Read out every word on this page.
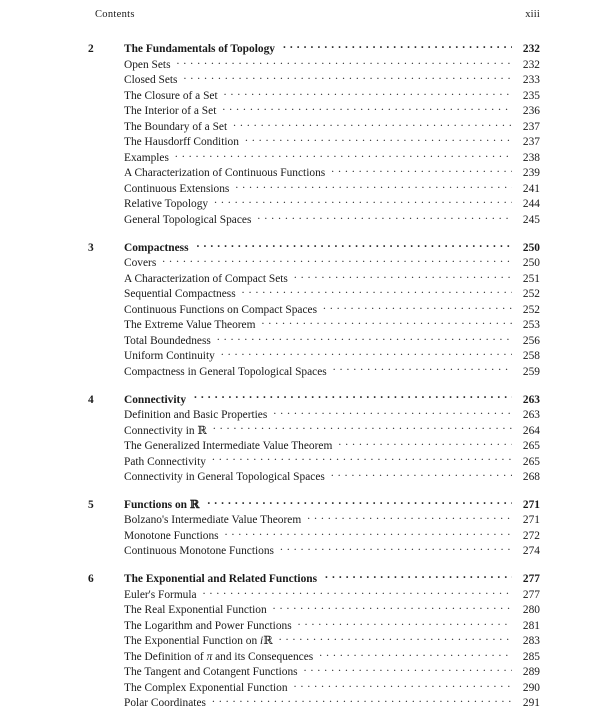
Contents	xiii
2	The Fundamentals of Topology . . .	232
Open Sets . . .	232
Closed Sets . . .	233
The Closure of a Set . . .	235
The Interior of a Set . . .	236
The Boundary of a Set . . .	237
The Hausdorff Condition . . .	237
Examples . . .	238
A Characterization of Continuous Functions . . .	239
Continuous Extensions . . .	241
Relative Topology . . .	244
General Topological Spaces . . .	245
3	Compactness . . .	250
Covers . . .	250
A Characterization of Compact Sets . . .	251
Sequential Compactness . . .	252
Continuous Functions on Compact Spaces . . .	252
The Extreme Value Theorem . . .	253
Total Boundedness . . .	256
Uniform Continuity . . .	258
Compactness in General Topological Spaces . . .	259
4	Connectivity . . .	263
Definition and Basic Properties . . .	263
Connectivity in ℝ . . .	264
The Generalized Intermediate Value Theorem . . .	265
Path Connectivity . . .	265
Connectivity in General Topological Spaces . . .	268
5	Functions on ℝ . . .	271
Bolzano's Intermediate Value Theorem . . .	271
Monotone Functions . . .	272
Continuous Monotone Functions . . .	274
6	The Exponential and Related Functions . . .	277
Euler's Formula . . .	277
The Real Exponential Function . . .	280
The Logarithm and Power Functions . . .	281
The Exponential Function on iℝ . . .	283
The Definition of π and its Consequences . . .	285
The Tangent and Cotangent Functions . . .	289
The Complex Exponential Function . . .	290
Polar Coordinates . . .	291
